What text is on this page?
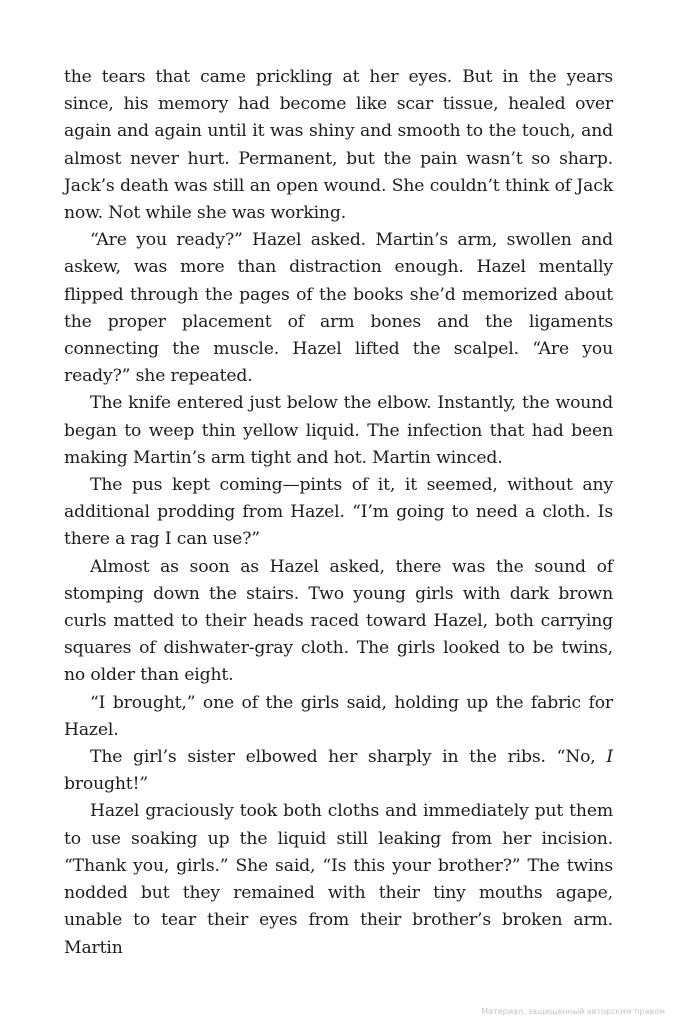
the tears that came prickling at her eyes. But in the years since, his memory had become like scar tissue, healed over again and again until it was shiny and smooth to the touch, and almost never hurt. Permanent, but the pain wasn’t so sharp. Jack’s death was still an open wound. She couldn’t think of Jack now. Not while she was working.

“Are you ready?” Hazel asked. Martin’s arm, swollen and askew, was more than distraction enough. Hazel mentally flipped through the pages of the books she’d memorized about the proper placement of arm bones and the ligaments connecting the muscle. Hazel lifted the scalpel. “Are you ready?” she repeated.

The knife entered just below the elbow. Instantly, the wound began to weep thin yellow liquid. The infection that had been making Martin’s arm tight and hot. Martin winced.

The pus kept coming—pints of it, it seemed, without any additional prodding from Hazel. “I’m going to need a cloth. Is there a rag I can use?”

Almost as soon as Hazel asked, there was the sound of stomping down the stairs. Two young girls with dark brown curls matted to their heads raced toward Hazel, both carrying squares of dishwater-gray cloth. The girls looked to be twins, no older than eight.

“I brought,” one of the girls said, holding up the fabric for Hazel.

The girl’s sister elbowed her sharply in the ribs. “No, I brought!”

Hazel graciously took both cloths and immediately put them to use soaking up the liquid still leaking from her incision. “Thank you, girls.” She said, “Is this your brother?” The twins nodded but they remained with their tiny mouths agape, unable to tear their eyes from their brother’s broken arm. Martin

Материал, защищенный авторским правом
